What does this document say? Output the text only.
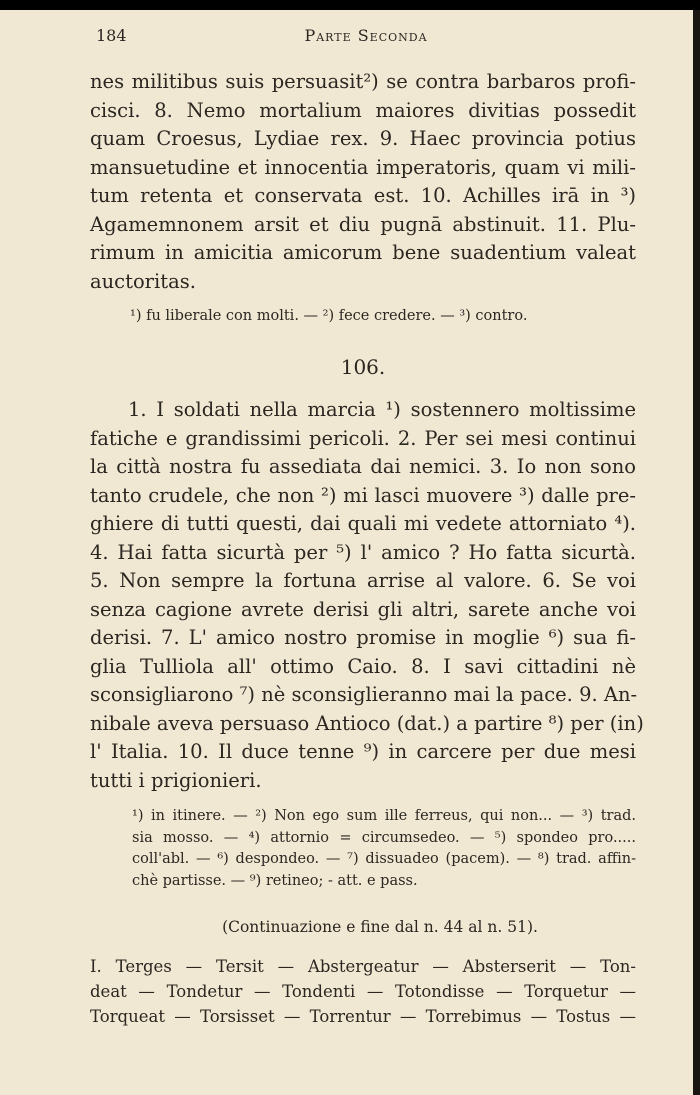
184	Parte Seconda
nes militibus suis persuasit²) se contra barbaros profi-
cisci. 8. Nemo mortalium maiores divitias possedit
quam Croesus, Lydiae rex. 9. Haec provincia potius
mansuetudine et innocentia imperatoris, quam vi mili-
tum retenta et conservata est. 10. Achilles irā in ³)
Agamemnonem arsit et diu pugnā abstinuit. 11. Plu-
rimum in amicitia amicorum bene suadentium valeat
auctoritas.
¹) fu liberale con molti. — ²) fece credere. — ³) contro.
106.
1. I soldati nella marcia ¹) sostennero moltissime
fatiche e grandissimi pericoli. 2. Per sei mesi continui
la città nostra fu assediata dai nemici. 3. Io non sono
tanto crudele, che non ²) mi lasci muovere ³) dalle pre-
ghiere di tutti questi, dai quali mi vedete attorniato ⁴).
4. Hai fatta sicurtà per ⁵) l' amico ? Ho fatta sicurtà.
5. Non sempre la fortuna arrise al valore. 6. Se voi
senza cagione avrete derisi gli altri, sarete anche voi
derisi. 7. L' amico nostro promise in moglie ⁶) sua fi-
glia Tulliola all' ottimo Caio. 8. I savi cittadini nè
sconsigliarono ⁷) nè sconsiglieranno mai la pace. 9. An-
nibale aveva persuaso Antioco (dat.) a partire ⁸) per (in)
l' Italia. 10. Il duce tenne ⁹) in carcere per due mesi
tutti i prigionieri.
¹) in itinere. — ²) Non ego sum ille ferreus, qui non... — ³) trad.
sia mosso. — ⁴) attornio = circumsedeo. — ⁵) spondeo pro.....
coll'abl. — ⁶) despondeo. — ⁷) dissuadeo (pacem). — ⁸) trad. affin-
chè partisse. — ⁹) retineo; - att. e pass.
(Continuazione e fine dal n. 44 al n. 51).
I. Terges — Tersit — Abstergeatur — Absterserit — Ton-
deat — Tondetur — Tondenti — Totondisse — Torquetur —
Torqueat — Torsisset — Torrentur — Torrebimus — Tostus —
